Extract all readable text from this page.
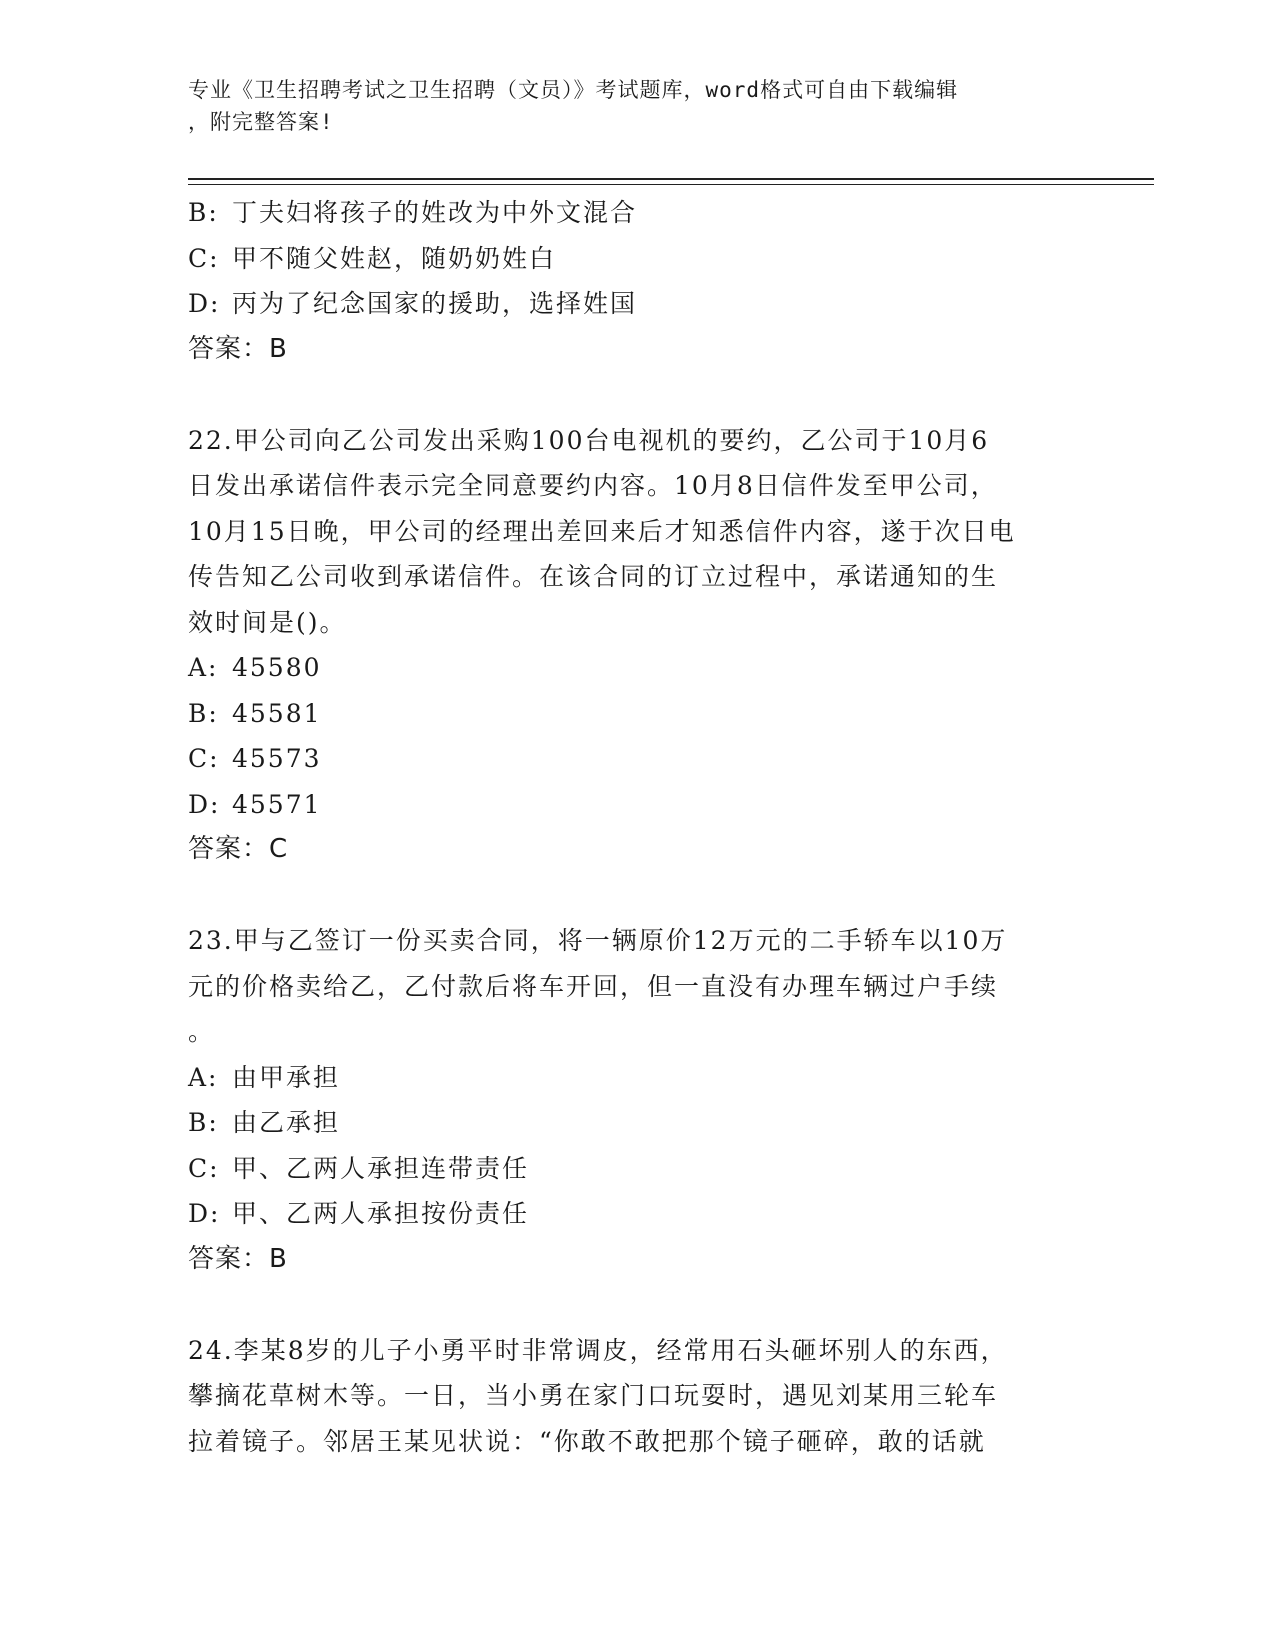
专业《卫生招聘考试之卫生招聘（文员）》考试题库，word格式可自由下载编辑
，附完整答案!
B: 丁夫妇将孩子的姓改为中外文混合
C: 甲不随父姓赵，随奶奶姓白
D: 丙为了纪念国家的援助，选择姓国
答案：B
22.甲公司向乙公司发出采购100台电视机的要约，乙公司于10月6
日发出承诺信件表示完全同意要约内容。10月8日信件发至甲公司，
10月15日晚，甲公司的经理出差回来后才知悉信件内容，遂于次日电
传告知乙公司收到承诺信件。在该合同的订立过程中，承诺通知的生
效时间是()。
A: 45580
B: 45581
C: 45573
D: 45571
答案：C
23.甲与乙签订一份买卖合同，将一辆原价12万元的二手轿车以10万
元的价格卖给乙，乙付款后将车开回，但一直没有办理车辆过户手续
。
A: 由甲承担
B: 由乙承担
C: 甲、乙两人承担连带责任
D: 甲、乙两人承担按份责任
答案：B
24.李某8岁的儿子小勇平时非常调皮，经常用石头砸坏别人的东西，
攀摘花草树木等。一日，当小勇在家门口玩耍时，遇见刘某用三轮车
拉着镜子。邻居王某见状说：“你敢不敢把那个镜子砸碎，敢的话就
